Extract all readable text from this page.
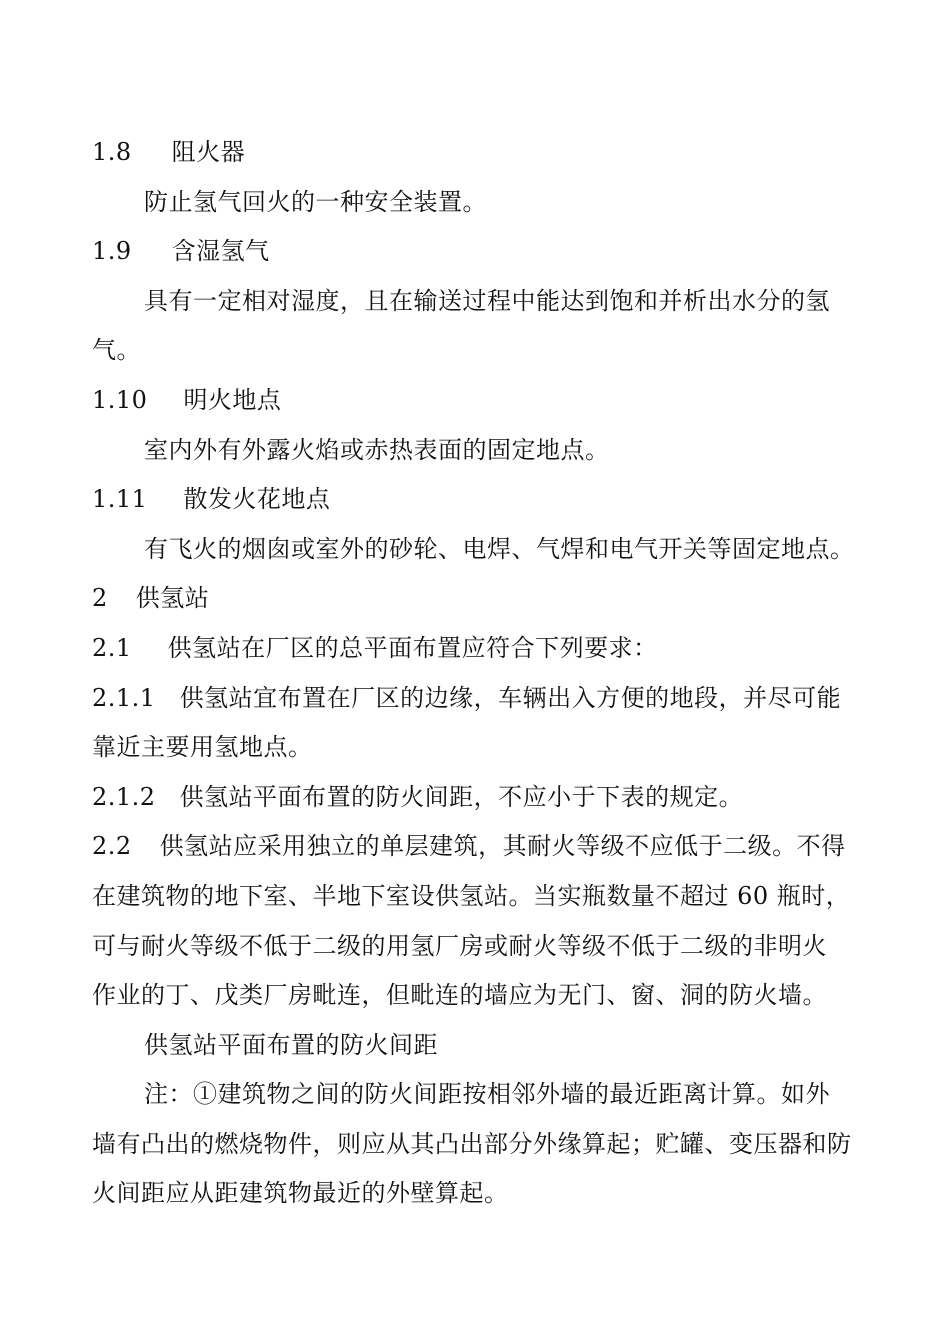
1.8 阻火器
防止氢气回火的一种安全装置。
1.9 含湿氢气
具有一定相对湿度，且在输送过程中能达到饱和并析出水分的氢
气。
1.10 明火地点
室内外有外露火焰或赤热表面的固定地点。
1.11 散发火花地点
有飞火的烟囱或室外的砂轮、电焊、气焊和电气开关等固定地点。
2 供氢站
2.1 供氢站在厂区的总平面布置应符合下列要求：
2.1.1 供氢站宜布置在厂区的边缘，车辆出入方便的地段，并尽可能
靠近主要用氢地点。
2.1.2 供氢站平面布置的防火间距，不应小于下表的规定。
2.2 供氢站应采用独立的单层建筑，其耐火等级不应低于二级。不得
在建筑物的地下室、半地下室设供氢站。当实瓶数量不超过 60 瓶时，
可与耐火等级不低于二级的用氢厂房或耐火等级不低于二级的非明火
作业的丁、戊类厂房毗连，但毗连的墙应为无门、窗、洞的防火墙。
供氢站平面布置的防火间距
注：①建筑物之间的防火间距按相邻外墙的最近距离计算。如外
墙有凸出的燃烧物件，则应从其凸出部分外缘算起；贮罐、变压器和防
火间距应从距建筑物最近的外壁算起。
